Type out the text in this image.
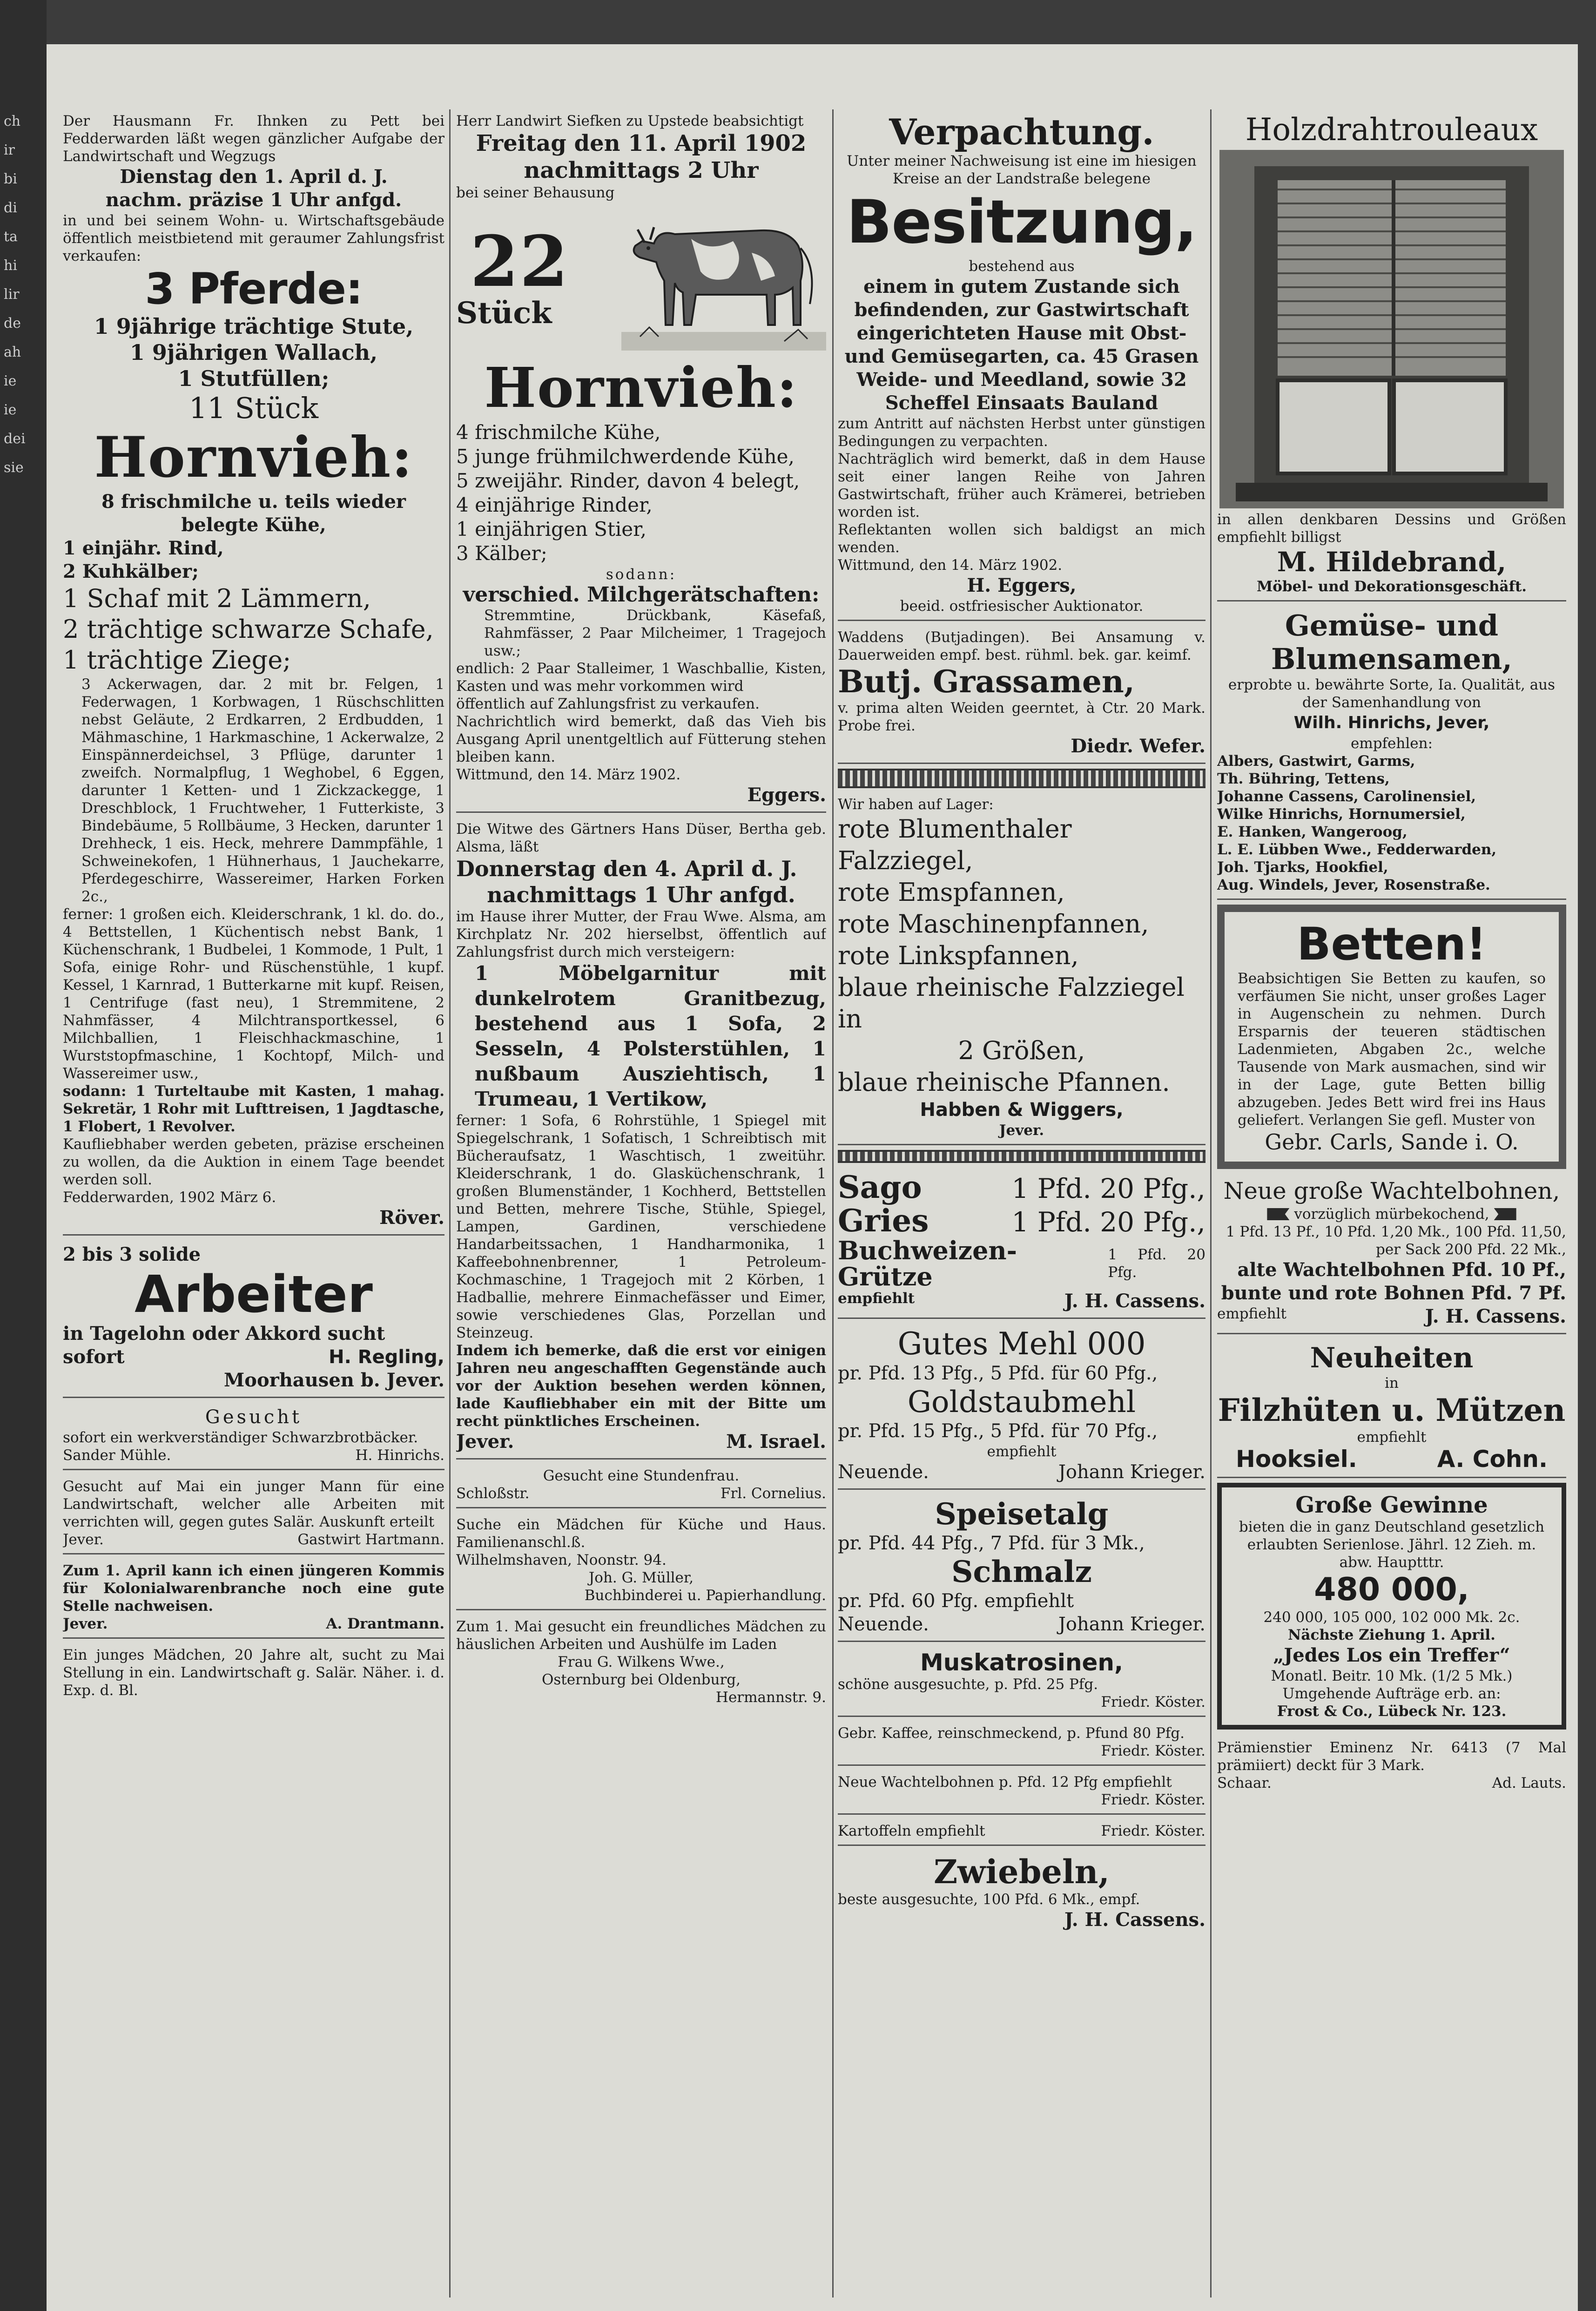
ch
ir
bi
di
ta
hi
lir
de
ah
ie
ie
dei
sie

Der Hausmann Fr. Ihnken zu Pett bei Fedderwarden läßt wegen gänzlicher Aufgabe der Landwirtschaft und Wegzugs

Dienstag den 1. April d. J.

nachm. präzise 1 Uhr anfgd.

in und bei seinem Wohn- u. Wirtschaftsgebäude öffentlich meistbietend mit geraumer Zahlungsfrist verkaufen:

3 Pferde:

1 9jährige trächtige Stute,

1 9jährigen Wallach,

1 Stutfüllen;

11 Stück

Hornvieh:

8 frischmilche u. teils wieder belegte Kühe,

1 einjähr. Rind,

2 Kuhkälber;

1 Schaf mit 2 Lämmern,

2 trächtige schwarze Schafe,

1 trächtige Ziege;

3 Ackerwagen, dar. 2 mit br. Felgen, 1 Federwagen, 1 Korbwagen, 1 Rüschschlitten nebst Geläute, 2 Erdkarren, 2 Erdbudden, 1 Mähmaschine, 1 Harkmaschine, 1 Ackerwalze, 2 Einspännerdeichsel, 3 Pflüge, darunter 1 zweifch. Normalpflug, 1 Weghobel, 6 Eggen, darunter 1 Ketten- und 1 Zickzackegge, 1 Dreschblock, 1 Fruchtweher, 1 Futterkiste, 3 Bindebäume, 5 Rollbäume, 3 Hecken, darunter 1 Drehheck, 1 eis. Heck, mehrere Dammpfähle, 1 Schweinekofen, 1 Hühnerhaus, 1 Jauchekarre, Pferdegeschirre, Wassereimer, Harken Forken 2c.,

ferner: 1 großen eich. Kleiderschrank, 1 kl. do. do., 4 Bettstellen, 1 Küchentisch nebst Bank, 1 Küchenschrank, 1 Budbelei, 1 Kommode, 1 Pult, 1 Sofa, einige Rohr- und Rüschenstühle, 1 kupf. Kessel, 1 Karnrad, 1 Butterkarne mit kupf. Reisen, 1 Centrifuge (fast neu), 1 Stremmitene, 2 Nahmfässer, 4 Milchtransportkessel, 6 Milchballien, 1 Fleischhackmaschine, 1 Wurststopfmaschine, 1 Kochtopf, Milch- und Wassereimer usw.,

sodann: 1 Turteltaube mit Kasten, 1 mahag. Sekretär, 1 Rohr mit Lufttreisen, 1 Jagdtasche, 1 Flobert, 1 Revolver.

Kaufliebhaber werden gebeten, präzise erscheinen zu wollen, da die Auktion in einem Tage beendet werden soll.

Fedderwarden, 1902 März 6.

Röver.

2 bis 3 solide

Arbeiter

in Tagelohn oder Akkord sucht

sofort	H. Regling,

Moorhausen b. Jever.

Gesucht

sofort ein werkverständiger Schwarzbrotbäcker.

Sander Mühle.	H. Hinrichs.

Gesucht auf Mai ein junger Mann für eine Landwirtschaft, welcher alle Arbeiten mit verrichten will, gegen gutes Salär. Auskunft erteilt

Jever.	Gastwirt Hartmann.

Zum 1. April kann ich einen jüngeren Kommis für Kolonialwarenbranche noch eine gute Stelle nachweisen.

Jever.	A. Drantmann.

Ein junges Mädchen, 20 Jahre alt, sucht zu Mai Stellung in ein. Landwirtschaft g. Salär. Näher. i. d. Exp. d. Bl.

Herr Landwirt Siefken zu Upstede beabsichtigt

Freitag den 11. April 1902

nachmittags 2 Uhr

bei seiner Behausung

22

Stück

Hornvieh:

4 frischmilche Kühe,

5 junge frühmilchwerdende Kühe,

5 zweijähr. Rinder, davon 4 belegt,

4 einjährige Rinder,

1 einjährigen Stier,

3 Kälber;

sodann:

verschied. Milchgerätschaften:

Stremmtine, Drückbank, Käsefaß, Rahmfässer, 2 Paar Milcheimer, 1 Tragejoch usw.;

endlich: 2 Paar Stalleimer, 1 Waschballie, Kisten, Kasten und was mehr vorkommen wird

öffentlich auf Zahlungsfrist zu verkaufen.

Nachrichtlich wird bemerkt, daß das Vieh bis Ausgang April unentgeltlich auf Fütterung stehen bleiben kann.

Wittmund, den 14. März 1902.

Eggers.

Die Witwe des Gärtners Hans Düser, Bertha geb. Alsma, läßt

Donnerstag den 4. April d. J.

nachmittags 1 Uhr anfgd.

im Hause ihrer Mutter, der Frau Wwe. Alsma, am Kirchplatz Nr. 202 hierselbst, öffentlich auf Zahlungsfrist durch mich versteigern:

1 Möbelgarnitur mit dunkelrotem Granitbezug, bestehend aus 1 Sofa, 2 Sesseln, 4 Polsterstühlen, 1 nußbaum Ausziehtisch, 1 Trumeau, 1 Vertikow,

ferner: 1 Sofa, 6 Rohrstühle, 1 Spiegel mit Spiegelschrank, 1 Sofatisch, 1 Schreibtisch mit Bücheraufsatz, 1 Waschtisch, 1 zweitühr. Kleiderschrank, 1 do. Glasküchenschrank, 1 großen Blumenständer, 1 Kochherd, Bettstellen und Betten, mehrere Tische, Stühle, Spiegel, Lampen, Gardinen, verschiedene Handarbeitssachen, 1 Handharmonika, 1 Kaffeebohnenbrenner, 1 Petroleum-Kochmaschine, 1 Tragejoch mit 2 Körben, 1 Hadballie, mehrere Einmachefässer und Eimer, sowie verschiedenes Glas, Porzellan und Steinzeug.

Indem ich bemerke, daß die erst vor einigen Jahren neu angeschafften Gegenstände auch vor der Auktion besehen werden können, lade Kaufliebhaber ein mit der Bitte um recht pünktliches Erscheinen.

Jever.	M. Israel.

Gesucht eine Stundenfrau.

Schloßstr.	Frl. Cornelius.

Suche ein Mädchen für Küche und Haus. Familienanschl.ß.

Wilhelmshaven, Noonstr. 94.

Joh. G. Müller,

Buchbinderei u. Papierhandlung.

Zum 1. Mai gesucht ein freundliches Mädchen zu häuslichen Arbeiten und Aushülfe im Laden

Frau G. Wilkens Wwe.,

Osternburg bei Oldenburg,

Hermannstr. 9.

Verpachtung.

Unter meiner Nachweisung ist eine im hiesigen Kreise an der Landstraße belegene

Besitzung,

bestehend aus

einem in gutem Zustande sich befindenden, zur Gastwirtschaft eingerichteten Hause mit Obst- und Gemüsegarten, ca. 45 Grasen Weide- und Meedland, sowie 32 Scheffel Einsaats Bauland

zum Antritt auf nächsten Herbst unter günstigen Bedingungen zu verpachten.

Nachträglich wird bemerkt, daß in dem Hause seit einer langen Reihe von Jahren Gastwirtschaft, früher auch Krämerei, betrieben worden ist.

Reflektanten wollen sich baldigst an mich wenden.

Wittmund, den 14. März 1902.

H. Eggers,

beeid. ostfriesischer Auktionator.

Waddens (Butjadingen). Bei Ansamung v. Dauerweiden empf. best. rühml. bek. gar. keimf.

Butj. Grassamen,

v. prima alten Weiden geerntet, à Ctr. 20 Mark. Probe frei.

Diedr. Wefer.

Wir haben auf Lager:

rote Blumenthaler Falzziegel,

rote Emspfannen,

rote Maschinenpfannen,

rote Linkspfannen,

blaue rheinische Falzziegel in

2 Größen,

blaue rheinische Pfannen.

Habben & Wiggers,

Jever.

Sago	1 Pfd. 20 Pfg.,
Gries	1 Pfd. 20 Pfg.,
Buchweizen-Grütze
1 Pfd. 20 Pfg.
empfiehlt	J. H. Cassens.

Gutes Mehl 000

pr. Pfd. 13 Pfg., 5 Pfd. für 60 Pfg.,

Goldstaubmehl

pr. Pfd. 15 Pfg., 5 Pfd. für 70 Pfg.,

empfiehlt

Neuende.	Johann Krieger.

Speisetalg

pr. Pfd. 44 Pfg., 7 Pfd. für 3 Mk.,

Schmalz

pr. Pfd. 60 Pfg. empfiehlt

Neuende.	Johann Krieger.

Muskatrosinen,

schöne ausgesuchte, p. Pfd. 25 Pfg.

Friedr. Köster.

Gebr. Kaffee, reinschmeckend, p. Pfund 80 Pfg.

Friedr. Köster.

Neue Wachtelbohnen p. Pfd. 12 Pfg empfiehlt

Friedr. Köster.

Kartoffeln empfiehlt	Friedr. Köster.

Zwiebeln,

beste ausgesuchte, 100 Pfd. 6 Mk., empf.

J. H. Cassens.

Holzdrahtrouleaux

in allen denkbaren Dessins und Größen empfiehlt billigst

M. Hildebrand,

Möbel- und Dekorationsgeschäft.

Gemüse- und

Blumensamen,

erprobte u. bewährte Sorte, Ia. Qualität, aus der Samenhandlung von

Wilh. Hinrichs, Jever,

empfehlen:

Albers, Gastwirt, Garms,

Th. Bühring, Tettens,

Johanne Cassens, Carolinensiel,

Wilke Hinrichs, Hornumersiel,

E. Hanken, Wangeroog,

L. E. Lübben Wwe., Fedderwarden,

Joh. Tjarks, Hookfiel,

Aug. Windels, Jever, Rosenstraße.

Betten!

Beabsichtigen Sie Betten zu kaufen, so verfäumen Sie nicht, unser großes Lager in Augenschein zu nehmen. Durch Ersparnis der teueren städtischen Ladenmieten, Abgaben 2c., welche Tausende von Mark ausmachen, sind wir in der Lage, gute Betten billig abzugeben. Jedes Bett wird frei ins Haus geliefert. Verlangen Sie gefl. Muster von

Gebr. Carls, Sande i. O.

Neue große Wachtelbohnen,

vorzüglich mürbekochend,

1 Pfd. 13 Pf., 10 Pfd. 1,20 Mk., 100 Pfd. 11,50, per Sack 200 Pfd. 22 Mk.,

alte Wachtelbohnen Pfd. 10 Pf.,

bunte und rote Bohnen Pfd. 7 Pf.

empfiehlt	J. H. Cassens.

Neuheiten

in

Filzhüten u. Mützen

empfiehlt

Hooksiel.	A. Cohn.

Große Gewinne

bieten die in ganz Deutschland gesetzlich erlaubten Serienlose. Jährl. 12 Zieh. m. abw. Hauptttr.

480 000,

240 000, 105 000, 102 000 Mk. 2c.

Nächste Ziehung 1. April.

„Jedes Los ein Treffer“

Monatl. Beitr. 10 Mk. (1/2 5 Mk.)

Umgehende Aufträge erb. an:

Frost & Co., Lübeck Nr. 123.

Prämienstier Eminenz Nr. 6413 (7 Mal prämiiert) deckt für 3 Mark.

Schaar.	Ad. Lauts.
